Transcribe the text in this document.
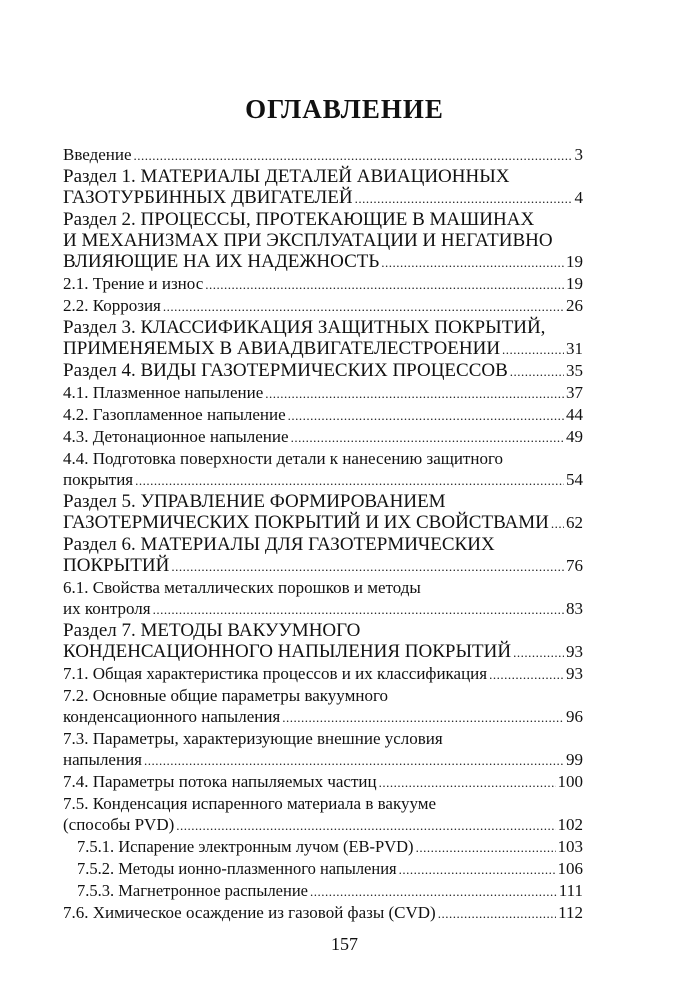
ОГЛАВЛЕНИЕ
Введение .....	3
Раздел 1. МАТЕРИАЛЫ ДЕТАЛЕЙ АВИАЦИОННЫХ
ГАЗОТУРБИННЫХ ДВИГАТЕЛЕЙ .....	4
Раздел 2. ПРОЦЕССЫ, ПРОТЕКАЮЩИЕ В МАШИНАХ
И МЕХАНИЗМАХ ПРИ ЭКСПЛУАТАЦИИ И НЕГАТИВНО
ВЛИЯЮЩИЕ НА ИХ НАДЕЖНОСТЬ .....	19
2.1. Трение и износ .....	19
2.2. Коррозия .....	26
Раздел 3. КЛАССИФИКАЦИЯ ЗАЩИТНЫХ ПОКРЫТИЙ,
ПРИМЕНЯЕМЫХ В АВИАДВИГАТЕЛЕСТРОЕНИИ .....	31
Раздел 4. ВИДЫ ГАЗОТЕРМИЧЕСКИХ ПРОЦЕССОВ .....	35
4.1. Плазменное напыление .....	37
4.2. Газопламенное напыление .....	44
4.3. Детонационное напыление .....	49
4.4. Подготовка поверхности детали к нанесению защитного
покрытия .....	54
Раздел 5. УПРАВЛЕНИЕ ФОРМИРОВАНИЕМ
ГАЗОТЕРМИЧЕСКИХ ПОКРЫТИЙ И ИХ СВОЙСТВАМИ ..... 62
Раздел 6. МАТЕРИАЛЫ ДЛЯ ГАЗОТЕРМИЧЕСКИХ
ПОКРЫТИЙ .....	76
6.1. Свойства металлических порошков и методы
их контроля .....	83
Раздел 7. МЕТОДЫ ВАКУУМНОГО
КОНДЕНСАЦИОННОГО НАПЫЛЕНИЯ ПОКРЫТИЙ .....	93
7.1. Общая характеристика процессов и их классификация .....	93
7.2. Основные общие параметры вакуумного
конденсационного напыления .....	96
7.3. Параметры, характеризующие внешние условия
напыления .....	99
7.4. Параметры потока напыляемых частиц .....	100
7.5. Конденсация испаренного материала в вакууме
(способы PVD) .....	102
7.5.1. Испарение электронным лучом (EB-PVD) .....	103
7.5.2. Методы ионно-плазменного напыления .....	106
7.5.3. Магнетронное распыление .....	111
7.6. Химическое осаждение из газовой фазы (CVD) .....	112
157
